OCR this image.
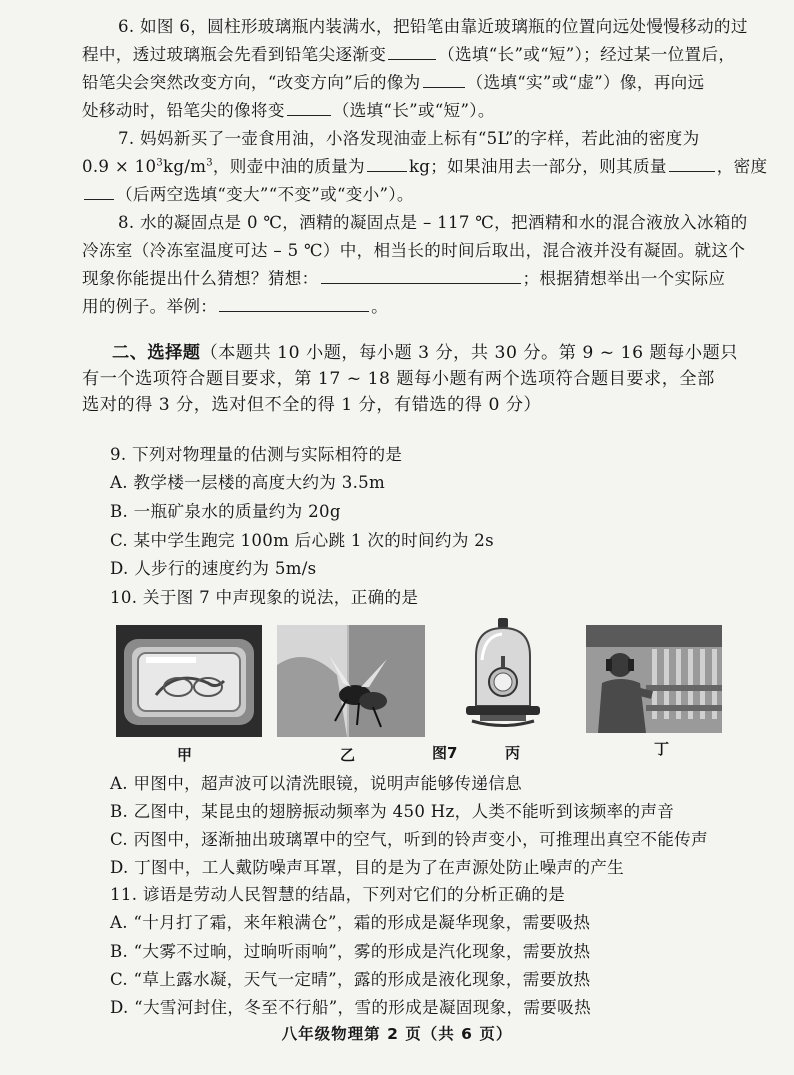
6. 如图 6，圆柱形玻璃瓶内装满水，把铅笔由靠近玻璃瓶的位置向远处慢慢移动的过
程中，透过玻璃瓶会先看到铅笔尖逐渐变	（选填“长”或“短”）；经过某一位置后，
铅笔尖会突然改变方向，“改变方向”后的像为	（选填“实”或“虚”）像，再向远
处移动时，铅笔尖的像将变	（选填“长”或“短”）。
7. 妈妈新买了一壶食用油，小洛发现油壶上标有“5L”的字样，若此油的密度为
$0.9 \times 10^3kg/m^3$，则壶中油的质量为	kg；如果油用去一部分，则其质量	，密度
（后两空选填“变大”“不变”或“变小”）。
8. 水的凝固点是 0 ℃，酒精的凝固点是 – 117 ℃，把酒精和水的混合液放入冰箱的
冷冻室（冷冻室温度可达 – 5 ℃）中，相当长的时间后取出，混合液并没有凝固。就这个
现象你能提出什么猜想？猜想：	；根据猜想举出一个实际应
用的例子。举例：	。
二、选择题（本题共 10 小题，每小题 3 分，共 30 分。第 9 ~ 16 题每小题只
有一个选项符合题目要求，第 17 ~ 18 题每小题有两个选项符合题目要求，全部
选对的得 3 分，选对但不全的得 1 分，有错选的得 0 分）
9. 下列对物理量的估测与实际相符的是
A. 教学楼一层楼的高度大约为 3.5m
B. 一瓶矿泉水的质量约为 20g
C. 某中学生跑完 100m 后心跳 1 次的时间约为 2s
D. 人步行的速度约为 5m/s
10. 关于图 7 中声现象的说法，正确的是
甲	乙	图7	丙	丁
A. 甲图中，超声波可以清洗眼镜，说明声能够传递信息
B. 乙图中，某昆虫的翅膀振动频率为 450 Hz，人类不能听到该频率的声音
C. 丙图中，逐渐抽出玻璃罩中的空气，听到的铃声变小，可推理出真空不能传声
D. 丁图中，工人戴防噪声耳罩，目的是为了在声源处防止噪声的产生
11. 谚语是劳动人民智慧的结晶，下列对它们的分析正确的是
A. “十月打了霜，来年粮满仓”，霜的形成是凝华现象，需要吸热
B. “大雾不过晌，过晌听雨响”，雾的形成是汽化现象，需要放热
C. “草上露水凝，天气一定晴”，露的形成是液化现象，需要放热
D. “大雪河封住，冬至不行船”，雪的形成是凝固现象，需要吸热
八年级物理第 2 页（共 6 页）
